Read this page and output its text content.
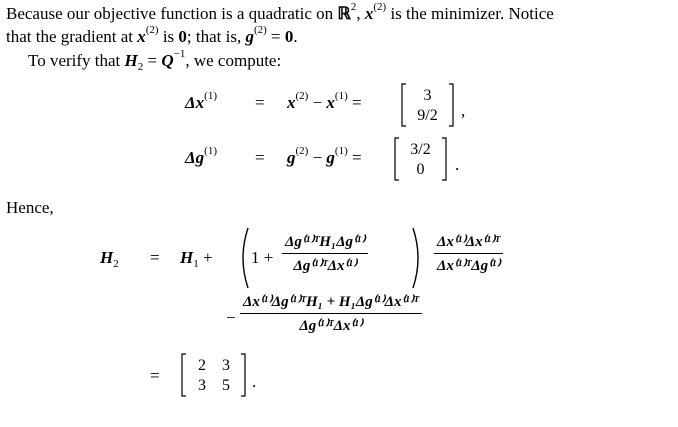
Because our objective function is a quadratic on ℝ$^2$, $x^{(2)}$ is the minimizer. Notice
that the gradient at $x^{(2)}$ is 0; that is, $g^{(2)} = 0$.
To verify that $H_2 = Q^{-1}$, we compute:
$\Delta x^{(1)} = x^{(2)} - x^{(1)}$ =	3
9/2 ,
$\Delta g^{(1)} = g^{(2)} - g^{(1)}$ =	3/2
0 .
Hence,
$H_2 = H_1 + 1 + \frac{\text{Δg⁽¹⁾ᵀH₁Δg⁽¹⁾}}{\text{Δg⁽¹⁾ᵀΔx⁽¹⁾}}$	$\frac{\text{Δx⁽¹⁾Δx⁽¹⁾ᵀ}}{\text{Δx⁽¹⁾ᵀΔg⁽¹⁾}}$
− $\frac{\text{Δx⁽¹⁾Δg⁽¹⁾ᵀH₁ + H₁Δg⁽¹⁾Δx⁽¹⁾ᵀ}}{\text{Δg⁽¹⁾ᵀΔx⁽¹⁾}}$
=
2 3
3 5 .
